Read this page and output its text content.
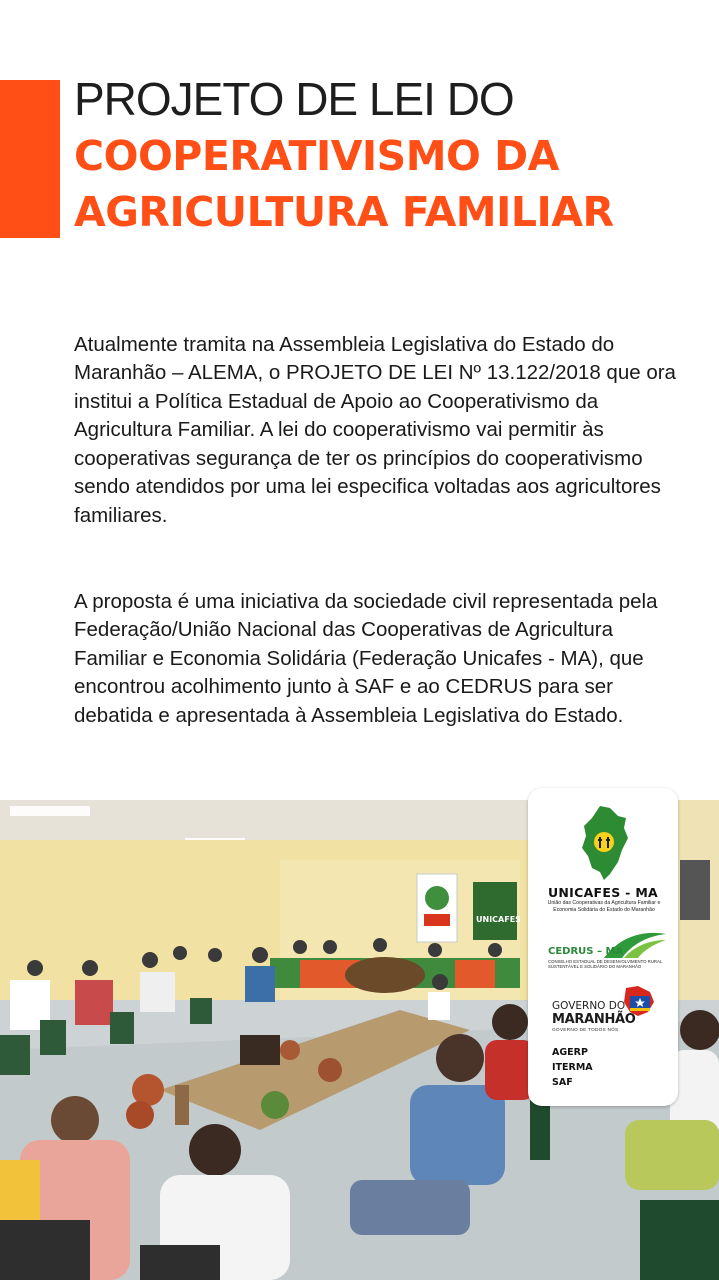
PROJETO DE LEI DO
COOPERATIVISMO DA
AGRICULTURA FAMILIAR

Atualmente tramita na Assembleia Legislativa do Estado do Maranhão – ALEMA, o PROJETO DE LEI Nº 13.122/2018 que ora institui a Política Estadual de Apoio ao Cooperativismo da Agricultura Familiar. A lei do cooperativismo vai permitir às cooperativas segurança de ter os princípios do cooperativismo sendo atendidos por uma lei especifica voltadas aos agricultores familiares.

A proposta é uma iniciativa da sociedade civil representada pela Federação/União Nacional das Cooperativas de Agricultura Familiar e Economia Solidária (Federação Unicafes - MA), que encontrou acolhimento junto à SAF e ao CEDRUS para ser debatida e apresentada à Assembleia Legislativa do Estado.

UNICAFES
UNICAFES - MA
União das Cooperativas da Agricultura Familiar e Economia Solidária do Estado do Maranhão
CEDRUS – MA
CONSELHO ESTADUAL DE DESENVOLVIMENTO RURAL SUSTENTÁVEL E SOLIDÁRIO DO MARANHÃO
GOVERNO DO
MARANHÃO
GOVERNO DE TODOS NÓS
AGERP
ITERMA
SAF
